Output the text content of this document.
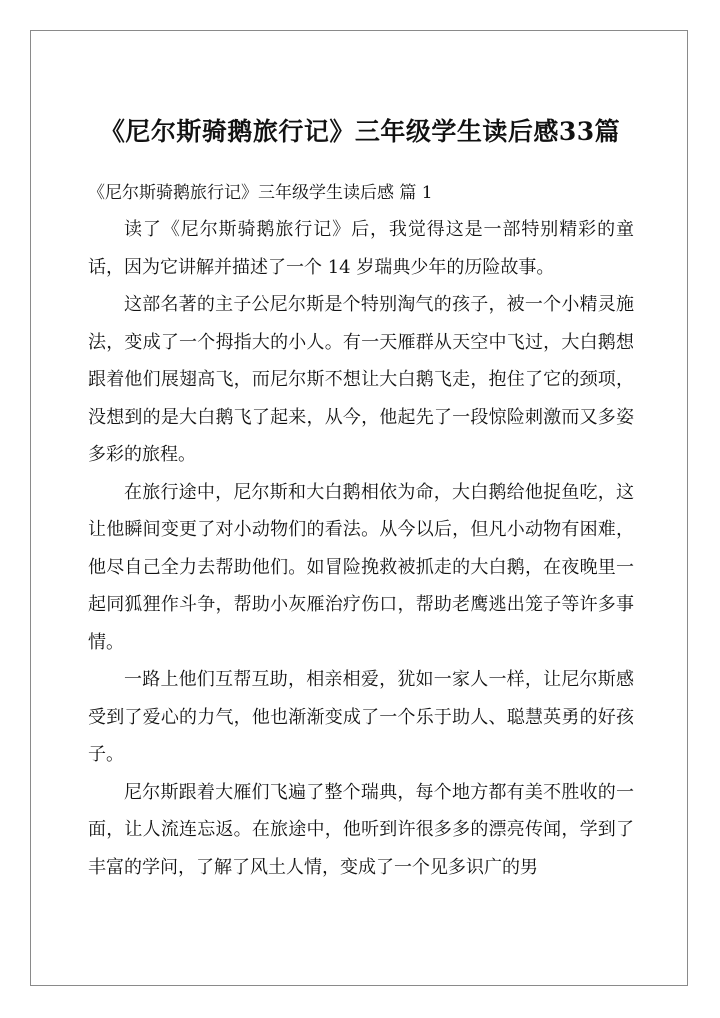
《尼尔斯骑鹅旅行记》三年级学生读后感33篇

《尼尔斯骑鹅旅行记》三年级学生读后感 篇 1

读了《尼尔斯骑鹅旅行记》后，我觉得这是一部特别精彩的童话，因为它讲解并描述了一个 14 岁瑞典少年的历险故事。

这部名著的主子公尼尔斯是个特别淘气的孩子，被一个小精灵施法，变成了一个拇指大的小人。有一天雁群从天空中飞过，大白鹅想跟着他们展翅高飞，而尼尔斯不想让大白鹅飞走，抱住了它的颈项，没想到的是大白鹅飞了起来，从今，他起先了一段惊险刺激而又多姿多彩的旅程。

在旅行途中，尼尔斯和大白鹅相依为命，大白鹅给他捉鱼吃，这让他瞬间变更了对小动物们的看法。从今以后，但凡小动物有困难，他尽自己全力去帮助他们。如冒险挽救被抓走的大白鹅，在夜晚里一起同狐狸作斗争，帮助小灰雁治疗伤口，帮助老鹰逃出笼子等许多事情。

一路上他们互帮互助，相亲相爱，犹如一家人一样，让尼尔斯感受到了爱心的力气，他也渐渐变成了一个乐于助人、聪慧英勇的好孩子。

尼尔斯跟着大雁们飞遍了整个瑞典，每个地方都有美不胜收的一面，让人流连忘返。在旅途中，他听到许很多多的漂亮传闻，学到了丰富的学问，了解了风土人情，变成了一个见多识广的男
